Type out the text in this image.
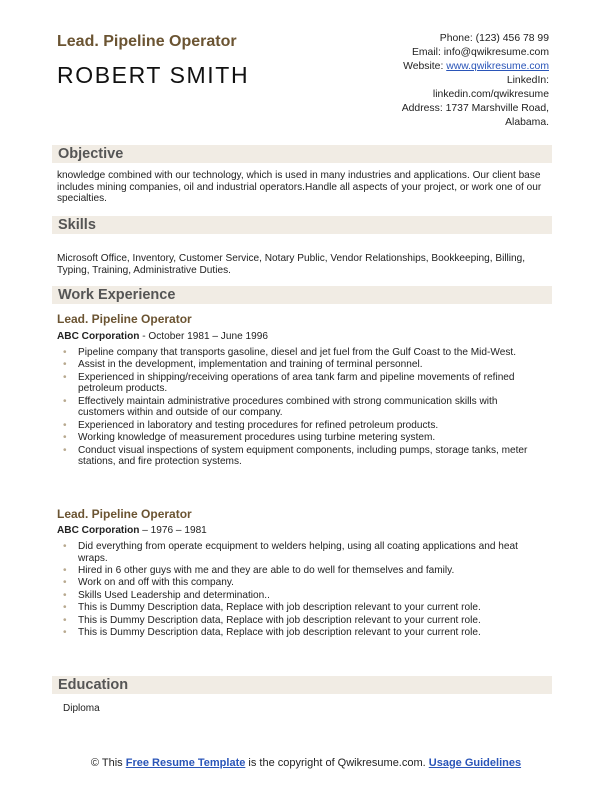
Lead. Pipeline Operator
ROBERT SMITH
Phone: (123) 456 78 99
Email: info@qwikresume.com
Website: www.qwikresume.com
LinkedIn:
linkedin.com/qwikresume
Address: 1737 Marshville Road,
Alabama.
Objective
knowledge combined with our technology, which is used in many industries and applications. Our client base includes mining companies, oil and industrial operators.Handle all aspects of your project, or work one of our specialties.
Skills
Microsoft Office, Inventory, Customer Service, Notary Public, Vendor Relationships, Bookkeeping, Billing, Typing, Training, Administrative Duties.
Work Experience
Lead. Pipeline Operator
ABC Corporation - October 1981 – June 1996
• Pipeline company that transports gasoline, diesel and jet fuel from the Gulf Coast to the Mid-West.
• Assist in the development, implementation and training of terminal personnel.
• Experienced in shipping/receiving operations of area tank farm and pipeline movements of refined petroleum products.
• Effectively maintain administrative procedures combined with strong communication skills with customers within and outside of our company.
• Experienced in laboratory and testing procedures for refined petroleum products.
• Working knowledge of measurement procedures using turbine metering system.
• Conduct visual inspections of system equipment components, including pumps, storage tanks, meter stations, and fire protection systems.
Lead. Pipeline Operator
ABC Corporation – 1976 – 1981
• Did everything from operate ecquipment to welders helping, using all coating applications and heat wraps.
• Hired in 6 other guys with me and they are able to do well for themselves and family.
• Work on and off with this company.
• Skills Used Leadership and determination..
• This is Dummy Description data, Replace with job description relevant to your current role.
• This is Dummy Description data, Replace with job description relevant to your current role.
• This is Dummy Description data, Replace with job description relevant to your current role.
Education
Diploma
© This Free Resume Template is the copyright of Qwikresume.com. Usage Guidelines
